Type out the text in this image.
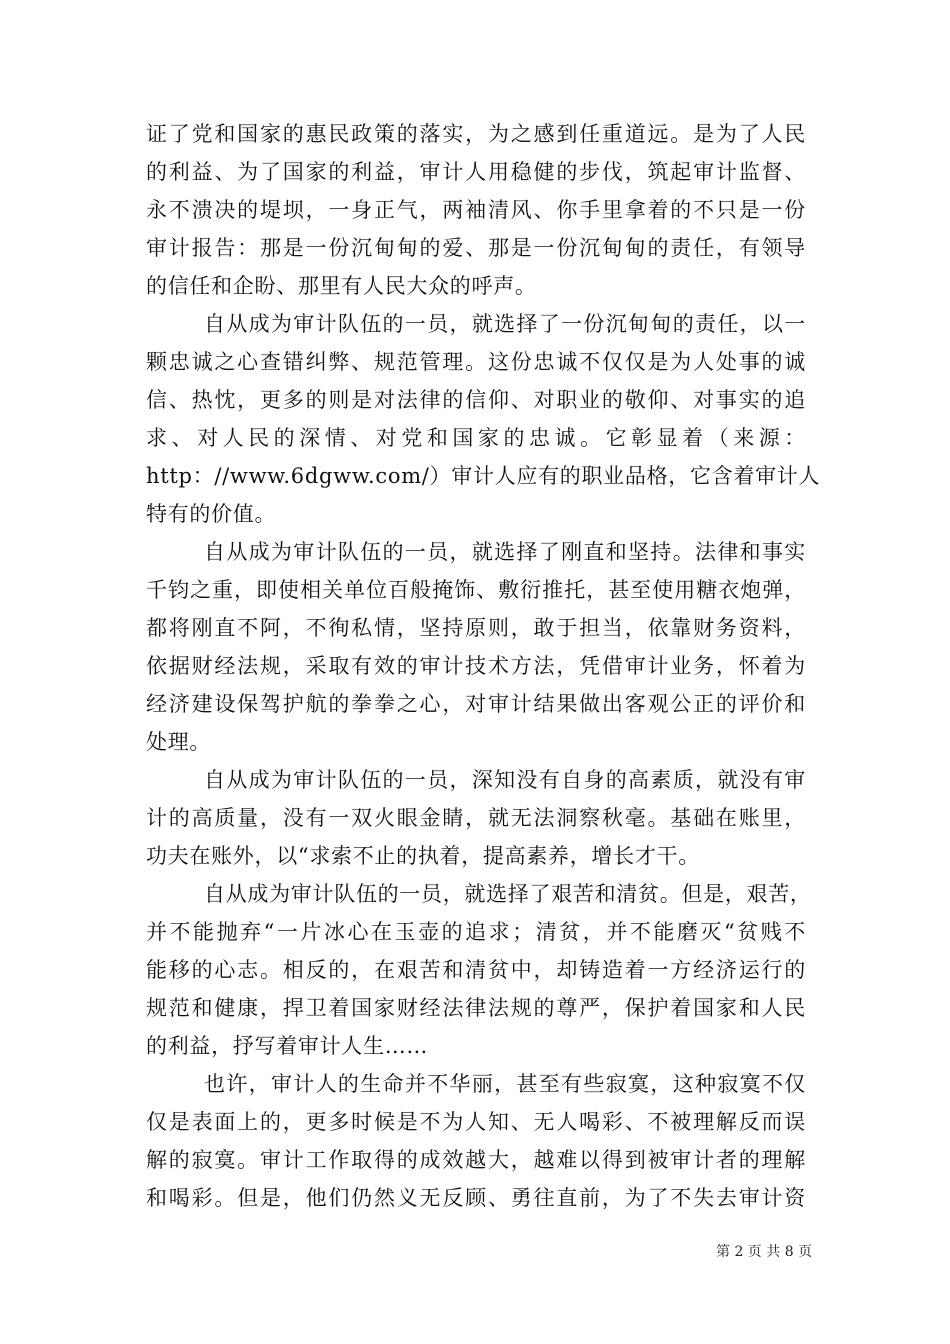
证了党和国家的惠民政策的落实，为之感到任重道远。是为了人民
的利益、为了国家的利益，审计人用稳健的步伐，筑起审计监督、
永不溃决的堤坝，一身正气，两袖清风、你手里拿着的不只是一份
审计报告：那是一份沉甸甸的爱、那是一份沉甸甸的责任，有领导
的信任和企盼、那里有人民大众的呼声。
自从成为审计队伍的一员，就选择了一份沉甸甸的责任，以一
颗忠诚之心查错纠弊、规范管理。这份忠诚不仅仅是为人处事的诚
信、热忱，更多的则是对法律的信仰、对职业的敬仰、对事实的追
求、对人民的深情、对党和国家的忠诚。它彰显着（来源：
http：//www.6dgww.com/）审计人应有的职业品格，它含着审计人
特有的价值。
自从成为审计队伍的一员，就选择了刚直和坚持。法律和事实
千钧之重，即使相关单位百般掩饰、敷衍推托，甚至使用糖衣炮弹，
都将刚直不阿，不徇私情，坚持原则，敢于担当，依靠财务资料，
依据财经法规，采取有效的审计技术方法，凭借审计业务，怀着为
经济建设保驾护航的拳拳之心，对审计结果做出客观公正的评价和
处理。
自从成为审计队伍的一员，深知没有自身的高素质，就没有审
计的高质量，没有一双火眼金睛，就无法洞察秋毫。基础在账里，
功夫在账外，以“求索不止的执着，提高素养，增长才干。
自从成为审计队伍的一员，就选择了艰苦和清贫。但是，艰苦，
并不能抛弃“一片冰心在玉壶的追求；清贫，并不能磨灭“贫贱不
能移的心志。相反的，在艰苦和清贫中，却铸造着一方经济运行的
规范和健康，捍卫着国家财经法律法规的尊严，保护着国家和人民
的利益，抒写着审计人生……
也许，审计人的生命并不华丽，甚至有些寂寞，这种寂寞不仅
仅是表面上的，更多时候是不为人知、无人喝彩、不被理解反而误
解的寂寞。审计工作取得的成效越大，越难以得到被审计者的理解
和喝彩。但是，他们仍然义无反顾、勇往直前，为了不失去审计资
第 2 页 共 8 页
